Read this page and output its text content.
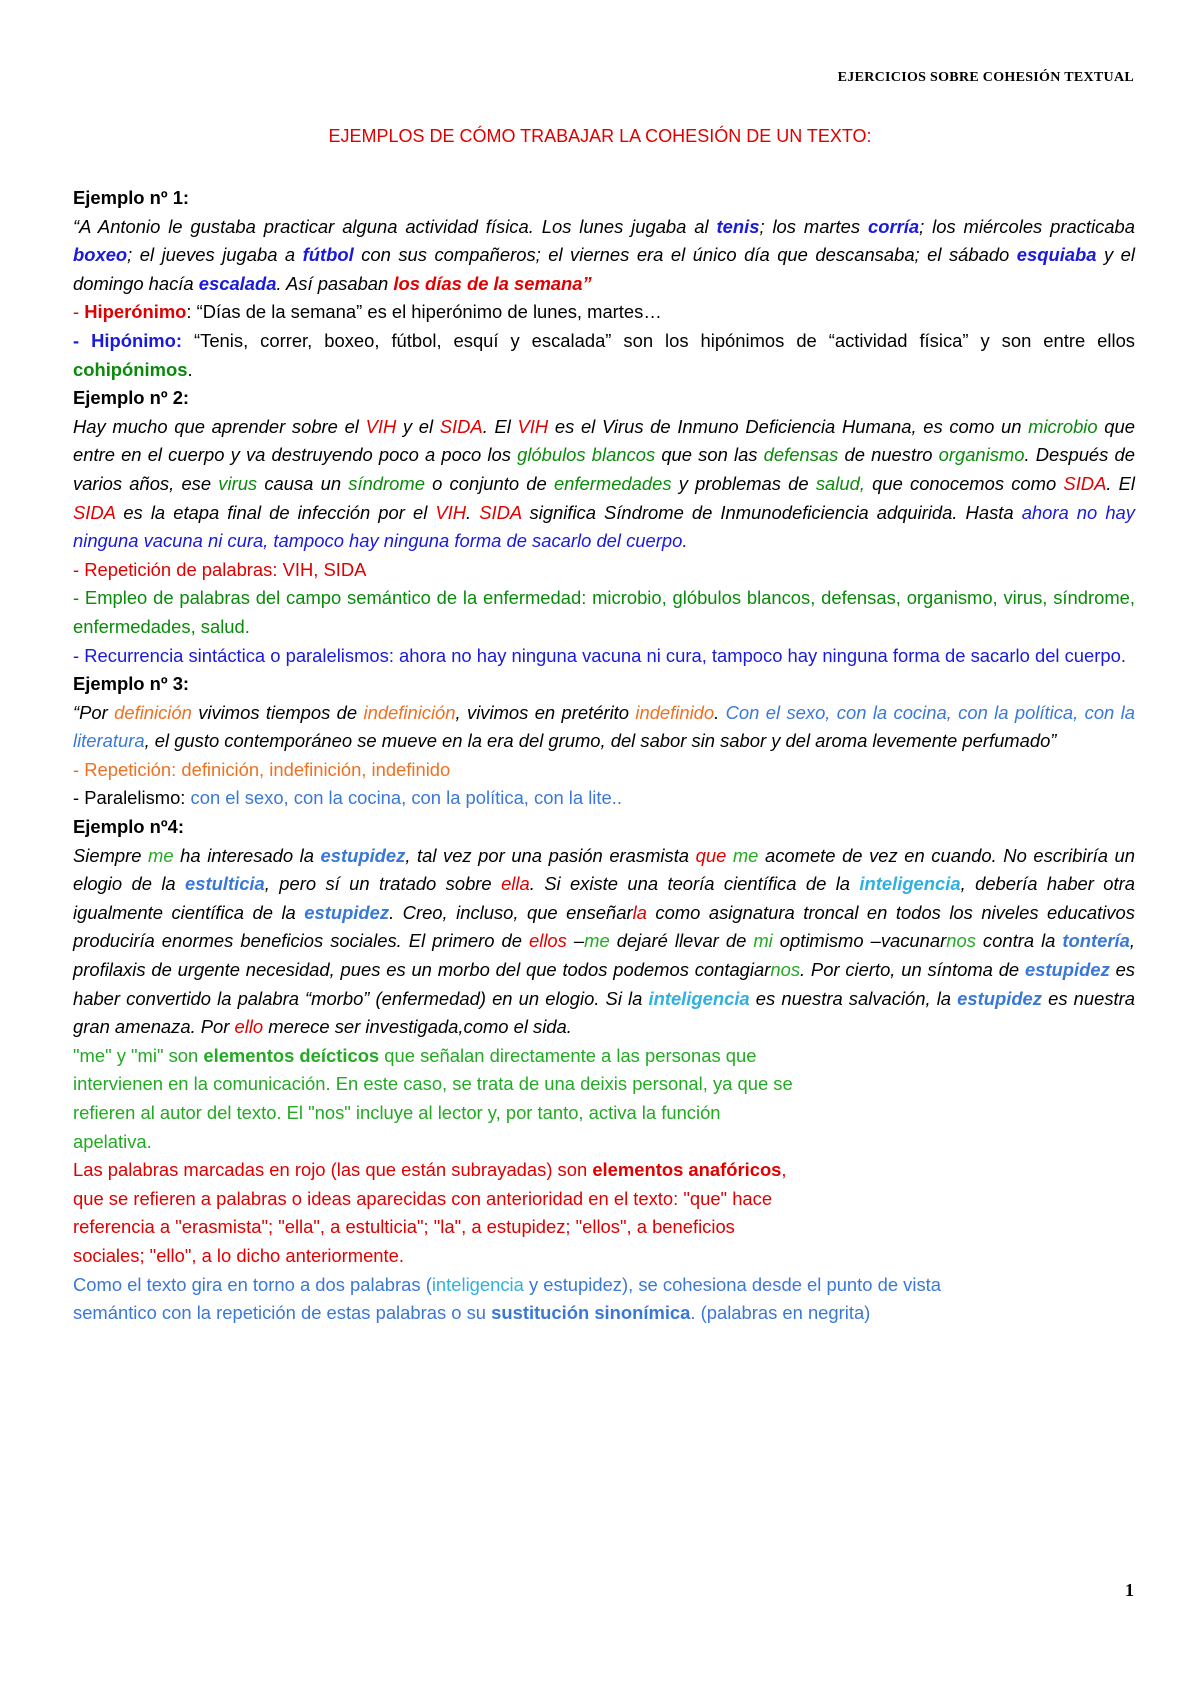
EJERCICIOS SOBRE COHESIÓN TEXTUAL
EJEMPLOS DE CÓMO TRABAJAR LA COHESIÓN DE UN TEXTO:
Ejemplo nº 1:
“A Antonio le gustaba practicar alguna actividad física. Los lunes jugaba al tenis; los martes corría; los miércoles practicaba boxeo; el jueves jugaba a fútbol con sus compañeros; el viernes era el único día que descansaba; el sábado esquiaba y el domingo hacía escalada. Así pasaban los días de la semana”
- Hiperónimo: “Días de la semana” es el hiperónimo de lunes, martes…
- Hipónimo: “Tenis, correr, boxeo, fútbol, esquí y escalada” son los hipónimos de “actividad física” y son entre ellos cohipónimos.
Ejemplo nº 2:
Hay mucho que aprender sobre el VIH y el SIDA. El VIH es el Virus de Inmuno Deficiencia Humana, es como un microbio que entre en el cuerpo y va destruyendo poco a poco los glóbulos blancos que son las defensas de nuestro organismo. Después de varios años, ese virus causa un síndrome o conjunto de enfermedades y problemas de salud, que conocemos como SIDA. El SIDA es la etapa final de infección por el VIH. SIDA significa Síndrome de Inmunodeficiencia adquirida. Hasta ahora no hay ninguna vacuna ni cura, tampoco hay ninguna forma de sacarlo del cuerpo.
- Repetición de palabras: VIH, SIDA
- Empleo de palabras del campo semántico de la enfermedad: microbio, glóbulos blancos, defensas, organismo, virus, síndrome, enfermedades, salud.
- Recurrencia sintáctica o paralelismos: ahora no hay ninguna vacuna ni cura, tampoco hay ninguna forma de sacarlo del cuerpo.
Ejemplo nº 3:
“Por definición vivimos tiempos de indefinición, vivimos en pretérito indefinido. Con el sexo, con la cocina, con la política, con la literatura, el gusto contemporáneo se mueve en la era del grumo, del sabor sin sabor y del aroma levemente perfumado”
- Repetición: definición, indefinición, indefinido
- Paralelismo: con el sexo, con la cocina, con la política, con la lite..
Ejemplo nº4:
Siempre me ha interesado la estupidez, tal vez por una pasión erasmista que me acomete de vez en cuando. No escribiría un elogio de la estulticia, pero sí un tratado sobre ella. Si existe una teoría científica de la inteligencia, debería haber otra igualmente científica de la estupidez. Creo, incluso, que enseñarla como asignatura troncal en todos los niveles educativos produciría enormes beneficios sociales. El primero de ellos –me dejaré llevar de mi optimismo –vacunarnos contra la tontería, profilaxis de urgente necesidad, pues es un morbo del que todos podemos contagiarnos. Por cierto, un síntoma de estupidez es haber convertido la palabra “morbo” (enfermedad) en un elogio. Si la inteligencia es nuestra salvación, la estupidez es nuestra gran amenaza. Por ello merece ser investigada,como el sida.
"me" y "mi" son elementos deícticos que señalan directamente a las personas que
intervienen en la comunicación. En este caso, se trata de una deixis personal, ya que se
refieren al autor del texto. El "nos" incluye al lector y, por tanto, activa la función
apelativa.
Las palabras marcadas en rojo (las que están subrayadas) son elementos anafóricos,
que se refieren a palabras o ideas aparecidas con anterioridad en el texto: "que" hace
referencia a "erasmista"; "ella", a estulticia"; "la", a estupidez; "ellos", a beneficios
sociales; "ello", a lo dicho anteriormente.
Como el texto gira en torno a dos palabras (inteligencia y estupidez), se cohesiona desde el punto de vista
semántico con la repetición de estas palabras o su sustitución sinonímica. (palabras en negrita)
1
